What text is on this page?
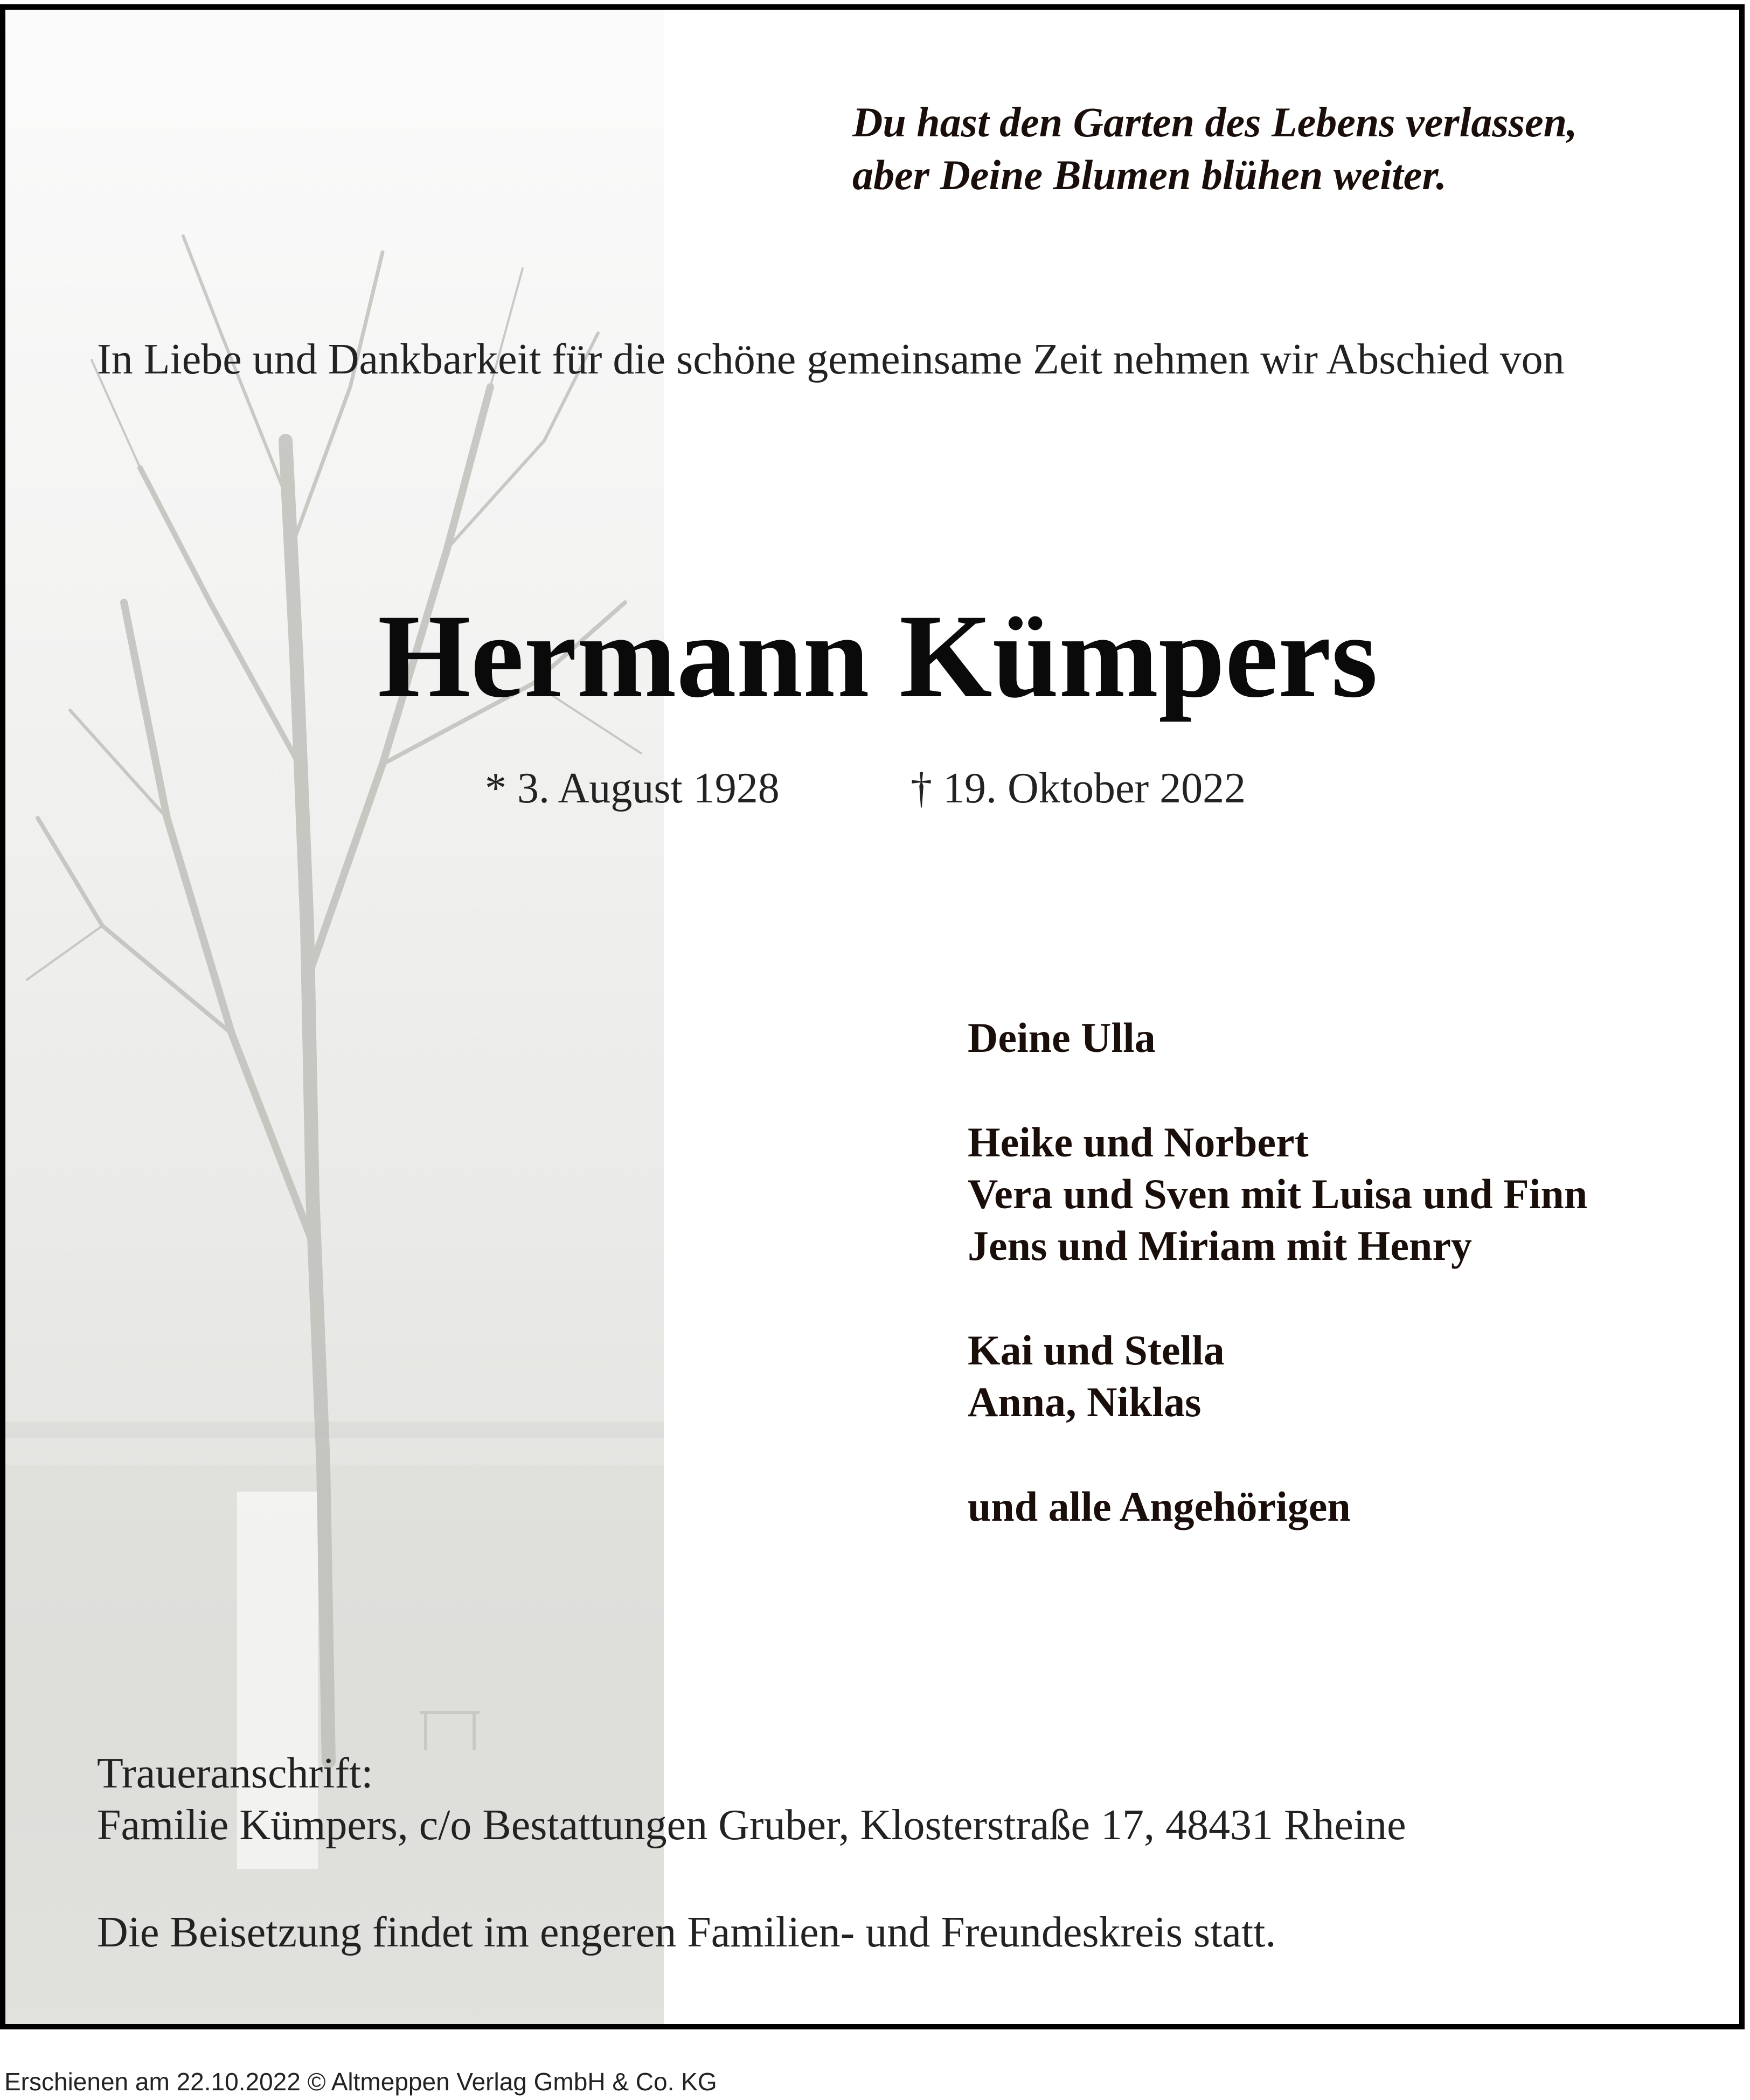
Du hast den Garten des Lebens verlassen,
aber Deine Blumen blühen weiter.
In Liebe und Dankbarkeit für die schöne gemeinsame Zeit nehmen wir Abschied von
Hermann Kümpers
* 3. August 1928	† 19. Oktober 2022
Deine Ulla
Heike und Norbert
Vera und Sven mit Luisa und Finn
Jens und Miriam mit Henry
Kai und Stella
Anna, Niklas
und alle Angehörigen
Traueranschrift:
Familie Kümpers, c/o Bestattungen Gruber, Klosterstraße 17, 48431 Rheine
Die Beisetzung findet im engeren Familien- und Freundeskreis statt.
Erschienen am 22.10.2022 © Altmeppen Verlag GmbH & Co. KG
